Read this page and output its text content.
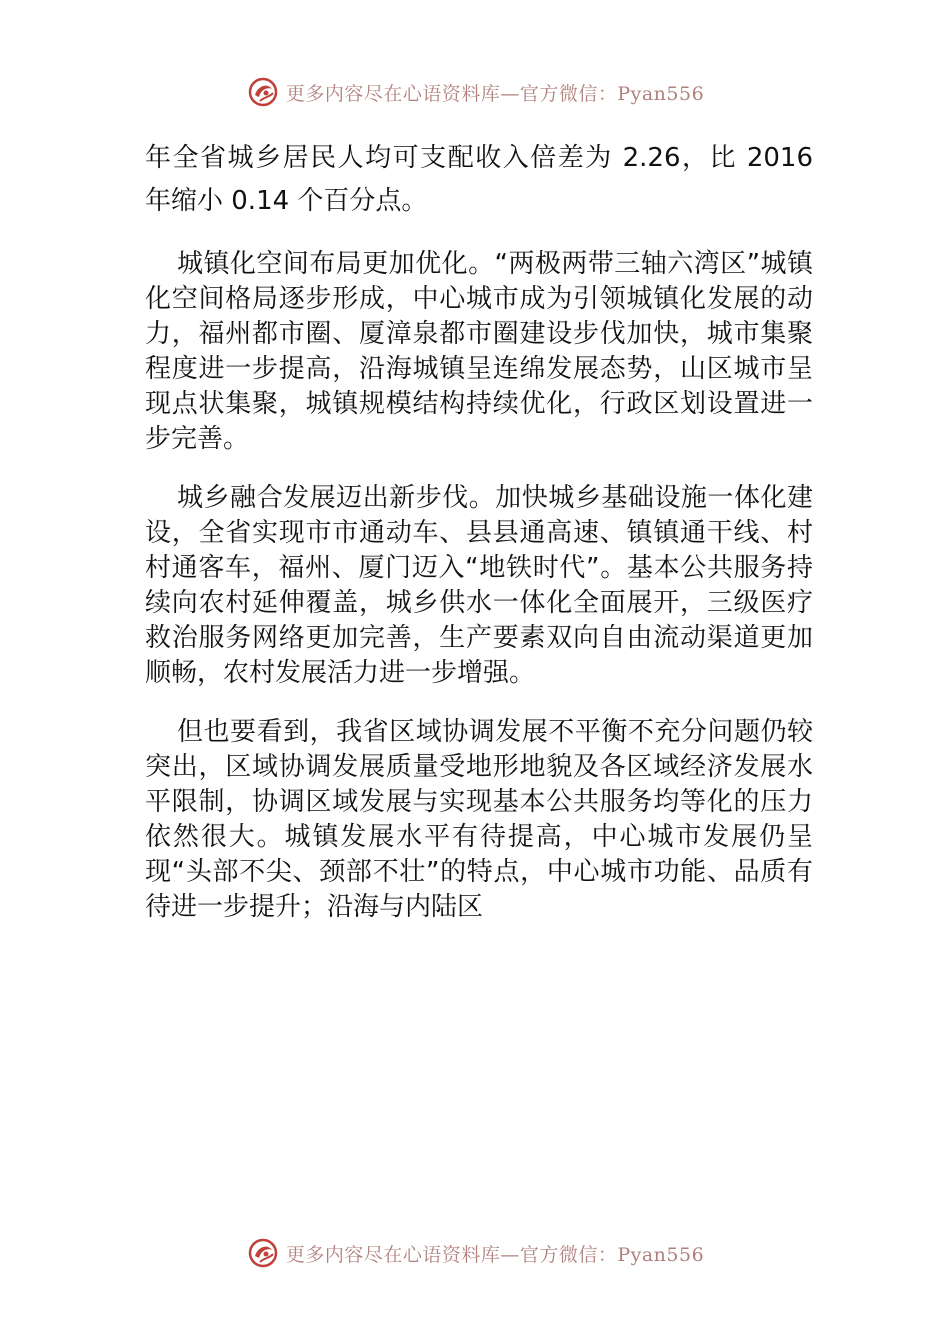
更多内容尽在心语资料库—官方微信：Pyan556

年全省城乡居民人均可支配收入倍差为 2.26，比 2016 年缩小 0.14 个百分点。

城镇化空间布局更加优化。“两极两带三轴六湾区”城镇化空间格局逐步形成，中心城市成为引领城镇化发展的动力，福州都市圈、厦漳泉都市圈建设步伐加快，城市集聚程度进一步提高，沿海城镇呈连绵发展态势，山区城市呈现点状集聚，城镇规模结构持续优化，行政区划设置进一步完善。

城乡融合发展迈出新步伐。加快城乡基础设施一体化建设，全省实现市市通动车、县县通高速、镇镇通干线、村村通客车，福州、厦门迈入“地铁时代”。基本公共服务持续向农村延伸覆盖，城乡供水一体化全面展开，三级医疗救治服务网络更加完善，生产要素双向自由流动渠道更加顺畅，农村发展活力进一步增强。

但也要看到，我省区域协调发展不平衡不充分问题仍较突出，区域协调发展质量受地形地貌及各区域经济发展水平限制，协调区域发展与实现基本公共服务均等化的压力依然很大。城镇发展水平有待提高，中心城市发展仍呈现“头部不尖、颈部不壮”的特点，中心城市功能、品质有待进一步提升；沿海与内陆区

更多内容尽在心语资料库—官方微信：Pyan556
